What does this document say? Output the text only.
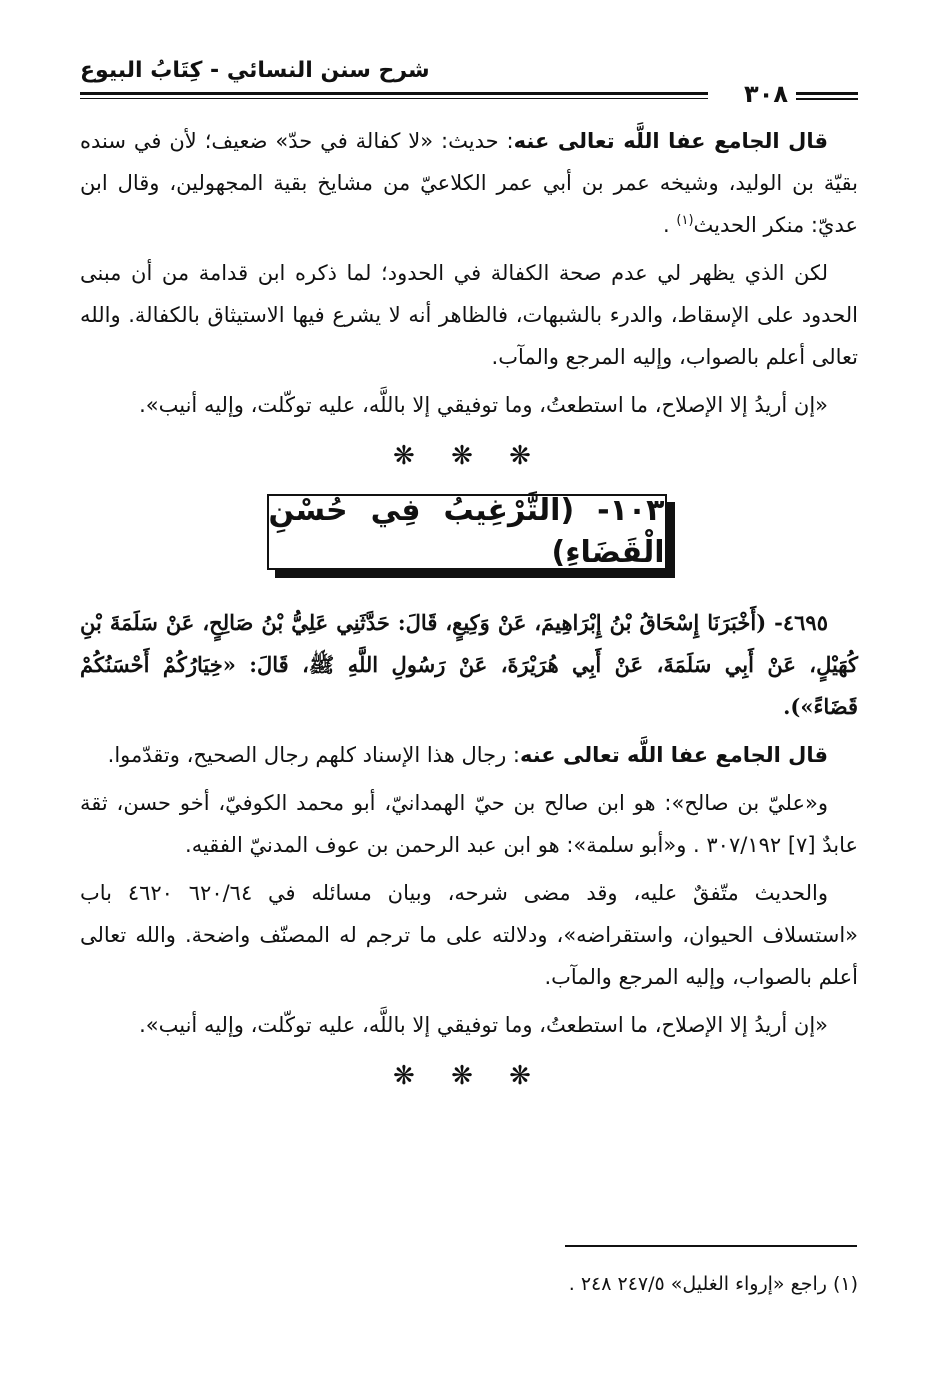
٣٠٨
شرح سنن النسائي - كِتَابُ البيوع

قال الجامع عفا اللَّه تعالى عنه: حديث: «لا كفالة في حدّ» ضعيف؛ لأن في سنده بقيّة بن الوليد، وشيخه عمر بن أبي عمر الكلاعيّ من مشايخ بقية المجهولين، وقال ابن عديّ: منكر الحديث$^{(١)}$ .

لكن الذي يظهر لي عدم صحة الكفالة في الحدود؛ لما ذكره ابن قدامة من أن مبنى الحدود على الإسقاط، والدرء بالشبهات، فالظاهر أنه لا يشرع فيها الاستيثاق بالكفالة. والله تعالى أعلم بالصواب، وإليه المرجع والمآب.

«إن أريدُ إلا الإصلاح، ما استطعتُ، وما توفيقي إلا باللَّه، عليه توكّلت، وإليه أنيب».

❋ ❋ ❋
١٠٣- (التَّرْغِيبُ فِي حُسْنِ الْقَضَاءِ)

٤٦٩٥- (أَخْبَرَنَا إِسْحَاقُ بْنُ إِبْرَاهِيمَ، عَنْ وَكِيعٍ، قَالَ: حَدَّثَنِي عَلِيُّ بْنُ صَالِحٍ، عَنْ سَلَمَةَ بْنِ كُهَيْلٍ، عَنْ أَبِي سَلَمَةَ، عَنْ أَبِي هُرَيْرَةَ، عَنْ رَسُولِ اللَّهِ ﷺ، قَالَ: «خِيَارُكُمْ أَحْسَنُكُمْ قَضَاءً»).

قال الجامع عفا اللَّه تعالى عنه: رجال هذا الإسناد كلهم رجال الصحيح، وتقدّموا.

و«عليّ بن صالح»: هو ابن صالح بن حيّ الهمدانيّ، أبو محمد الكوفيّ، أخو حسن، ثقة عابدٌ [٧] ٣٠٧/١٩٢ . و«أبو سلمة»: هو ابن عبد الرحمن بن عوف المدنيّ الفقيه.

والحديث متّفقٌ عليه، وقد مضى شرحه، وبيان مسائله في ٦٢٠/٦٤ ٤٦٢٠ باب «استسلاف الحيوان، واستقراضه»، ودلالته على ما ترجم له المصنّف واضحة. والله تعالى أعلم بالصواب، وإليه المرجع والمآب.

«إن أريدُ إلا الإصلاح، ما استطعتُ، وما توفيقي إلا باللَّه، عليه توكّلت، وإليه أنيب».

❋ ❋ ❋
(١) راجع «إرواء الغليل» ٢٤٧/٥ ٢٤٨ .
